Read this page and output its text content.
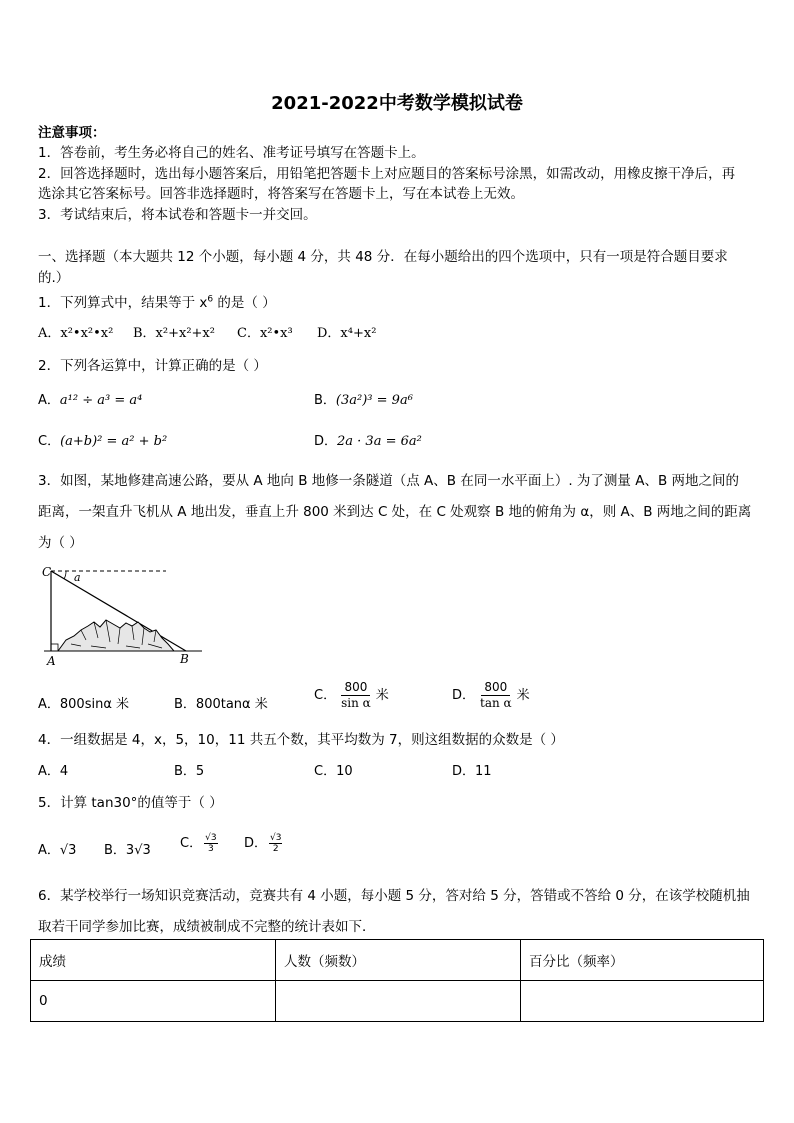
2021-2022中考数学模拟试卷
注意事项：
1．答卷前，考生务必将自己的姓名、准考证号填写在答题卡上。
2．回答选择题时，选出每小题答案后，用铅笔把答题卡上对应题目的答案标号涂黑，如需改动，用橡皮擦干净后，再
选涂其它答案标号。回答非选择题时，将答案写在答题卡上，写在本试卷上无效。
3．考试结束后，将本试卷和答题卡一并交回。
一、选择题（本大题共 12 个小题，每小题 4 分，共 48 分．在每小题给出的四个选项中，只有一项是符合题目要求
的.）
1．下列算式中，结果等于 $x^6$ 的是（ ）
A．x²•x²•x² B．x²+x²+x² C．x²•x³ D．x⁴+x²
2．下列各运算中，计算正确的是（ ）
A．a¹² ÷ a³ = a⁴	B．(3a²)³ = 9a⁶
C．(a+b)² = a² + b²	D．2a · 3a = 6a²
3．如图，某地修建高速公路，要从 A 地向 B 地修一条隧道（点 A、B 在同一水平面上）. 为了测量 A、B 两地之间的
距离，一架直升飞机从 A 地出发，垂直上升 800 米到达 C 处，在 C 处观察 B 地的俯角为 α，则 A、B 两地之间的距离
为（ ）
C a
A	B
A．800sinα 米	B．800tanα 米
C． $\frac{800}{\text{sin α}}$ 米	D． $\frac{800}{\text{tan α}}$ 米
4．一组数据是 4，x，5，10，11 共五个数，其平均数为 7，则这组数据的众数是（ ）
A．4	B．5	C．10	D．11
5．计算 tan30°的值等于（ ）
A．√3 B．3√3 C． $\frac{√3}{3}$ D． $\frac{√3}{2}$
6．某学校举行一场知识竞赛活动，竞赛共有 4 小题，每小题 5 分，答对给 5 分，答错或不答给 0 分，在该学校随机抽
取若干同学参加比赛，成绩被制成不完整的统计表如下．
成绩	人数（频数）	百分比（频率）
0		
